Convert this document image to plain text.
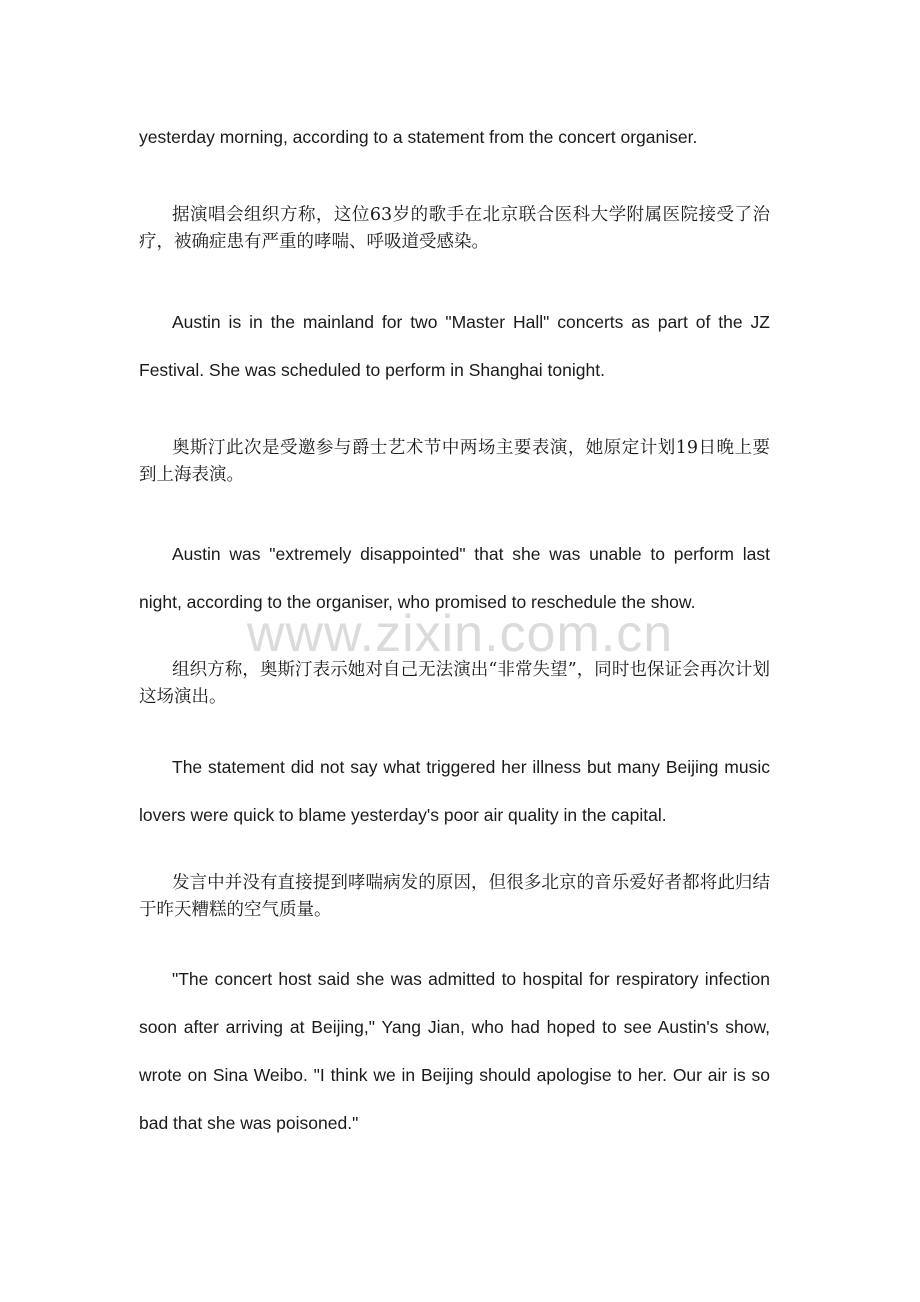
yesterday morning, according to a statement from the concert organiser.

据演唱会组织方称，这位63岁的歌手在北京联合医科大学附属医院接受了治疗，被确症患有严重的哮喘、呼吸道受感染。

Austin is in the mainland for two "Master Hall" concerts as part of the JZ Festival. She was scheduled to perform in Shanghai tonight.

奥斯汀此次是受邀参与爵士艺术节中两场主要表演，她原定计划19日晚上要到上海表演。

Austin was "extremely disappointed" that she was unable to perform last night, according to the organiser, who promised to reschedule the show.

组织方称，奥斯汀表示她对自己无法演出“非常失望”，同时也保证会再次计划这场演出。

The statement did not say what triggered her illness but many Beijing music lovers were quick to blame yesterday's poor air quality in the capital.

发言中并没有直接提到哮喘病发的原因，但很多北京的音乐爱好者都将此归结于昨天糟糕的空气质量。

"The concert host said she was admitted to hospital for respiratory infection soon after arriving at Beijing," Yang Jian, who had hoped to see Austin's show, wrote on Sina Weibo. "I think we in Beijing should apologise to her. Our air is so bad that she was poisoned."

www.zixin.com.cn
